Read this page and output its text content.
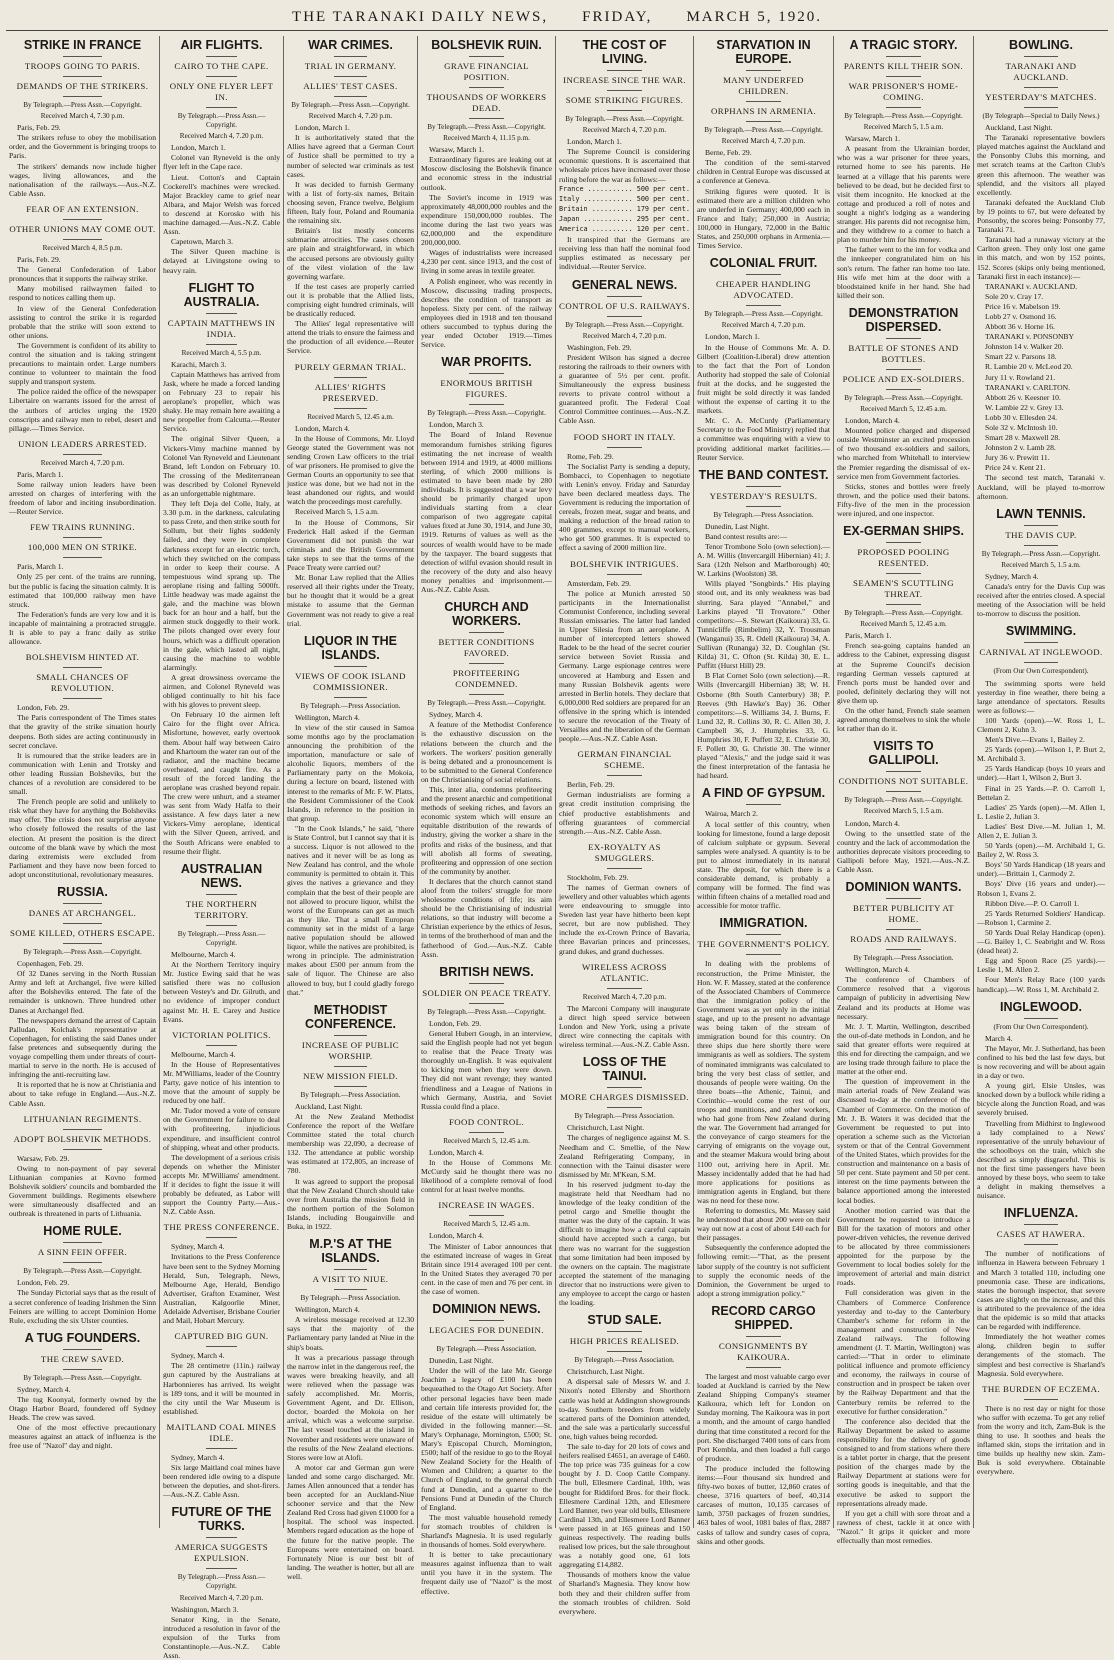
THE TARANAKI DAILY NEWS, FRIDAY, MARCH 5, 1920.
STRIKE IN FRANCE
TROOPS GOING TO PARIS.
DEMANDS OF THE STRIKERS.
By Telegraph.—Press Assn.—Copyright.
Received March 4, 7.30 p.m.
Paris, Feb. 29.
The strikers refuse to obey the mobilisation order, and the Government is bringing troops to Paris.
The strikers' demands now include higher wages, living allowances, and the nationalisation of the railways.—Aus.-N.Z. Cable Assn.
FEAR OF AN EXTENSION.
OTHER UNIONS MAY COME OUT.
Received March 4, 8.5 p.m.
Paris, Feb. 29.
The General Confederation of Labor pronounces that it supports the railway strike.
Many mobilised railwaymen failed to respond to notices calling them up.
In view of the General Confederation assisting to control the strike it is regarded probable that the strike will soon extend to other unions.
The Government is confident of its ability to control the situation and is taking stringent precautions to maintain order. Large numbers continue to volunteer to maintain the food supply and transport system.
The police raided the office of the newspaper Libertaire on warrants issued for the arrest of the authors of articles urging the 1920 conscripts and railway men to rebel, desert and pillage.—Times Service.
UNION LEADERS ARRESTED.
Received March 4, 7.20 p.m.
Paris, March 1.
Some railway union leaders have been arrested on charges of interfering with the freedom of labor and inciting insubordination.—Reuter Service.
FEW TRAINS RUNNING.
100,000 MEN ON STRIKE.
Paris, March 1.
Only 25 per cent. of the trains are running, but the public is facing the situation calmly. It is estimated that 100,000 railway men have struck.
The Federation's funds are very low and it is incapable of maintaining a protracted struggle. It is able to pay a franc daily as strike allowance.
BOLSHEVISM HINTED AT.
SMALL CHANCES OF REVOLUTION.
London, Feb. 29.
The Paris correspondent of The Times states that the gravity of the strike situation hourly deepens. Both sides are acting continuously in secret conclave.
It is rumoured that the strike leaders are in communication with Lenin and Trotsky and other leading Russian Bolsheviks, but the chances of a revolution are considered to be small.
The French people are solid and unlikely to risk what they have for anything the Bolsheviks may offer. The crisis does not surprise anyone who closely followed the results of the last election. At present the position is the direct outcome of the blank wave by which the most daring extremists were excluded from Parliament and they have now been forced to adopt unconstitutional, revolutionary measures.
RUSSIA.
DANES AT ARCHANGEL.
SOME KILLED, OTHERS ESCAPE.
By Telegraph.—Press Assn.—Copyright.
Copenhagen, Feb. 29.
Of 32 Danes serving in the North Russian Army and left at Archangel, five were killed after the Bolsheviks entered. The fate of the remainder is unknown. Three hundred other Danes at Archangel fled.
The newspapers demand the arrest of Captain Palludan, Kolchak's representative at Copenhagen, for enlisting the said Danes under false pretences and subsequently during the voyage compelling them under threats of court-martial to serve in the north. He is accused of infringing the anti-recruiting law.
It is reported that he is now at Christiania and about to take refuge in England.—Aus.-N.Z. Cable Assn.
LITHUANIAN REGIMENTS.
ADOPT BOLSHEVIK METHODS.
Warsaw, Feb. 29.
Owing to non-payment of pay several Lithuanian companies at Kovno formed Bolshevik soldiers' councils and bombarded the Government buildings. Regiments elsewhere were simultaneously disaffected and an outbreak is threatened in parts of Lithuania.
HOME RULE.
A SINN FEIN OFFER.
By Telegraph.—Press Assn.—Copyright.
London, Feb. 29.
The Sunday Pictorial says that as the result of a secret conference of leading Irishmen the Sinn Feiners are willing to accept Dominion Home Rule, excluding the six Ulster counties.
A TUG FOUNDERS.
THE CREW SAVED.
By Telegraph.—Press Assn.—Copyright.
Sydney, March 4.
The tug Koonyal, formerly owned by the Otago Harbor Board, foundered off Sydney Heads. The crew was saved.
One of the most effective precautionary measures against an attack of influenza is the free use of "Nazol" day and night.
AIR FLIGHTS.
CAIRO TO THE CAPE.
ONLY ONE FLYER LEFT IN.
By Telegraph.—Press Assn.—Copyright.
Received March 4, 7.20 p.m.
London, March 1.
Colonel van Ryneveld is the only flyer left in the Cape race.
Lieut. Cotton's and Captain Cockerell's machines were wrecked. Major Brackley came to grief near Albara, and Major Welsh was forced to descend at Korosko with his machine damaged.—Aus.-N.Z. Cable Assn.
Capetown, March 3.
The Silver Queen machine is delayed at Livingstone owing to heavy rain.
FLIGHT TO AUSTRALIA.
CAPTAIN MATTHEWS IN INDIA.
Received March 4, 5.5 p.m.
Karachi, March 3.
Captain Matthews has arrived from Jask, where he made a forced landing on February 23 to repair his aeroplane's propeller, which was shaky. He may remain here awaiting a new propeller from Calcutta.—Reuter Service.
The original Silver Queen, a Vickers-Vimy machine manned by Colonel Van Ryneveld and Lieutenant Brand, left London on February 10. The crossing of the Mediterranean was described by Colonel Ryneveld as an unforgettable nightmare.
They left Deja del Colle, Italy, at 3.30 p.m. in the darkness, calculating to pass Crete, and then strike south for Sollum, but their lights suddenly failed, and they were in complete darkness except for an electric torch, which they switched on the compass in order to keep their course. A tempestuous wind sprang up. The aeroplane rising and falling 5000ft. Little headway was made against the gale, and the machine was blown back for an hour and a half, but the airmen stuck doggedly to their work. The pilots changed over every four hours, which was a difficult operation in the gale, which lasted all night, causing the machine to wobble alarmingly.
A great drowsiness overcame the airmen, and Colonel Ryneveld was obliged continually to hit his face with his gloves to prevent sleep.
On February 10 the airmen left Cairo for the flight over Africa. Misfortune, however, early overtook them. About half way between Cairo and Khartoum the water ran out of the radiator, and the machine became overheated, and caught fire. As a result of the forced landing the aeroplane was crashed beyond repair. The crew were unhurt, and a steamer was sent from Wady Halfa to their assistance. A few days later a new Vickers-Vimy aeroplane, identical with the Silver Queen, arrived, and the South Africans were enabled to resume their flight.
AUSTRALIAN NEWS.
THE NORTHERN TERRITORY.
By Telegraph.—Press Assn.—Copyright.
Melbourne, March 4.
At the Northern Territory inquiry Mr. Justice Ewing said that he was satisfied there was no collusion between Vestey's and Dr. Gilruth, and no evidence of improper conduct against Mr. H. E. Carey and Justice Evans.
VICTORIAN POLITICS.
Melbourne, March 4.
In the House of Representatives Mr. M'Williams, leader of the Country Party, gave notice of his intention to move that the amount of supply be reduced by one half.
Mr. Tudor moved a vote of censure on the Government for failure to deal with profiteering, injudicious expenditure, and insufficient control of shipping, wheat and other products.
The development of a serious crisis depends on whether the Minister accepts Mr. M'Williams' amendment. If it decides to fight the issue it will probably be defeated, as Labor will support the Country Party.—Aus.-N.Z. Cable Assn.
THE PRESS CONFERENCE.
Sydney, March 4.
Invitations to the Press Conference have been sent to the Sydney Morning Herald, Sun, Telegraph, News, Melbourne Age, Herald, Bendigo Advertiser, Grafton Examiner, West Australian, Kalgoorlie Miner, Adelaide Advertiser, Brisbane Courier and Mail, Hobart Mercury.
CAPTURED BIG GUN.
Sydney, March 4.
The 28 centimetre (11in.) railway gun captured by the Australians at Harbonnieres has arrived. Its weight is 189 tons, and it will be mounted in the city until the War Museum is established.
MAITLAND COAL MINES IDLE.
Sydney, March 4.
Six large Maitland coal mines have been rendered idle owing to a dispute between the deputies, and shot-firers.—Aus.-N.Z. Cable Assn.
FUTURE OF THE TURKS.
AMERICA SUGGESTS EXPULSION.
By Telegraph.—Press Assn.—Copyright.
Received March 4, 7.20 p.m.
Washington, March 3.
Senator King, in the Senate, introduced a resolution in favor of the expulsion of the Turks from Constantinople.—Aus.-N.Z. Cable Assn.
WAR CRIMES.
TRIAL IN GERMANY.
ALLIES' TEST CASES.
By Telegraph.—Press Assn.—Copyright.
Received March 4, 7.20 p.m.
London, March 1.
It is authoritatively stated that the Allies have agreed that a German Court of Justice shall be permitted to try a number of selected war criminals as test cases.
It was decided to furnish Germany with a list of forty-six names, Britain choosing seven, France twelve, Belgium fifteen, Italy four, Poland and Roumania the remaining six.
Britain's list mostly concerns submarine atrocities. The cases chosen are plain and straightforward, in which the accused persons are obviously guilty of the vilest violation of the law governing warfare.
If the test cases are properly carried out it is probable that the Allied lists, comprising eight hundred criminals, will be drastically reduced.
The Allies' legal representative will attend the trials to ensure the fairness and the production of all evidence.—Reuter Service.
PURELY GERMAN TRIAL.
ALLIES' RIGHTS PRESERVED.
Received March 5, 12.45 a.m.
London, March 4.
In the House of Commons, Mr. Lloyd George stated the Government was not sending Crown Law officers to the trial of war prisoners. He promised to give the German Courts an opportunity to see that justice was done, but we had not in the least abandoned our rights, and would watch the proceedings most carefully.
Received March 5, 1.5 a.m.
In the House of Commons, Sir Frederick Hall asked if the German Government did not punish the war criminals and the British Government take steps to see that the terms of the Peace Treaty were carried out?
Mr. Bonar Law replied that the Allies reserved all their rights under the Treaty, but he thought that it would be a great mistake to assume that the German Government was not ready to give a real trial.
LIQUOR IN THE ISLANDS.
VIEWS OF COOK ISLAND COMMISSIONER.
By Telegraph.—Press Association.
Wellington, March 4.
In view of the stir caused in Samoa some months ago by the proclamation announcing the prohibition of the importation, manufacture or sale of alcoholic liquors, members of the Parliamentary party on the Mokoia, during a lecture on board, listened with interest to the remarks of Mr. F. W. Platts, the Resident Commissioner of the Cook Islands, in reference to the position in that group.
"In the Cook Islands," he said, "there is State Control, but I cannot say that it is a success. Liquor is not allowed to the natives and it never will be as long as New Zealand has control, and the whole community is permitted to obtain it. This gives the natives a grievance and they complain that the best of their people are not allowed to procure liquor, whilst the worst of the Europeans can get as much as they like. That a small European community set in the midst of a large native population should be allowed liquor, while the natives are prohibited, is wrong in principle. The administration makes about £500 per annum from the sale of liquor. The Chinese are also allowed to buy, but I could gladly forego that."
METHODIST CONFERENCE.
INCREASE OF PUBLIC WORSHIP.
NEW MISSION FIELD.
By Telegraph.—Press Association.
Auckland, Last Night.
At the New Zealand Methodist Conference the report of the Welfare Committee stated the total church membership was 22,090, a decrease of 132. The attendance at public worship was estimated at 172,805, an increase of 780.
It was agreed to support the proposal that the New Zealand Church should take over from Australia the mission field in the northern portion of the Solomon Islands, including Bougainville and Buka, in 1922.
M.P.'S AT THE ISLANDS.
A VISIT TO NIUE.
By Telegraph.—Press Association.
Wellington, March 4.
A wireless message received at 12.30 says that the majority of the Parliamentary party landed at Niue in the ship's boats.
It was a precarious passage through the narrow inlet in the dangerous reef, the waves were breaking heavily, and all were relieved when the passage was safely accomplished. Mr. Morris, Government Agent, and Dr. Ellison, doctor, boarded the Mokoia on her arrival, which was a welcome surprise. The last vessel touched at the island in November and residents were unaware of the results of the New Zealand elections. Stores were low at Alofi.
A motor car and German gun were landed and some cargo discharged. Mr. James Allen announced that a tender has been accepted for an Auckland-Niue schooner service and that the New Zealand Red Cross had given £1000 for a hospital. The school was inspected. Members regard education as the hope of the future for the native people. The Europeans were entertained on board. Fortunately Niue is our best bit of landing. The weather is hotter, but all are well.
BOLSHEVIK RUIN.
GRAVE FINANCIAL POSITION.
THOUSANDS OF WORKERS DEAD.
By Telegraph.—Press Assn.—Copyright.
Received March 4, 11.15 p.m.
Warsaw, March 1.
Extraordinary figures are leaking out at Moscow disclosing the Bolshevik finance and economic stress in the industrial outlook.
The Soviet's income in 1919 was approximately 48,000,000 roubles and the expenditure 150,000,000 roubles. The income during the last two years was 62,000,000 and the expenditure 200,000,000.
Wages of industrialists were increased 4,230 per cent. since 1913, and the cost of living in some areas in textile greater.
A Polish engineer, who was recently in Moscow, discussing trading prospects, describes the condition of transport as hopeless. Sixty per cent. of the railway employees died in 1918 and ten thousand others succumbed to typhus during the year ended October 1919.—Times Service.
WAR PROFITS.
ENORMOUS BRITISH FIGURES.
By Telegraph.—Press Assn.—Copyright.
London, March 3.
The Board of Inland Revenue memorandum furnishes striking figures estimating the net increase of wealth between 1914 and 1919, at 4000 millions sterling, of which 2000 millions is estimated to have been made by 280 individuals. It is suggested that a war levy should be primarily charged upon individuals starting from a clear comparison of two aggregate capital values fixed at June 30, 1914, and June 30, 1919. Returns of values as well as the sources of wealth would have to be made by the taxpayer. The board suggests that detection of wilful evasion should result in the recovery of the duty and also heavy money penalties and imprisonment.—Aus.-N.Z. Cable Assn.
CHURCH AND WORKERS.
BETTER CONDITIONS FAVORED.
PROFITEERING CONDEMNED.
By Telegraph.—Press Assn.—Copyright.
Sydney, March 4.
A feature of the Methodist Conference is the exhaustive discussion on the relations between the church and the workers. The workers' position generally is being debated and a pronouncement is to be submitted to the General Conference on the Christianising of social relations.
This, inter alia, condemns profiteering and the present anarchic and competitional methods of seeking riches, and favors an economic system which will ensure an equitable distribution of the rewards of industry, giving the worker a share in the profits and risks of the business, and that will abolish all forms of sweating, profiteering and oppression of one section of the community by another.
It declares that the church cannot stand aloof from the toilers' struggle for more wholesome conditions of life; its aim should be the Christianising of industrial relations, so that industry will become a Christian experience by the ethics of Jesus, in terms of the brotherhood of man and the fatherhood of God.—Aus.-N.Z. Cable Assn.
BRITISH NEWS.
SOLDIER ON PEACE TREATY.
By Telegraph.—Press Assn.—Copyright.
London, Feb. 29.
General Hubert Gough, in an interview, said the English people had not yet begun to realise that the Peace Treaty was thoroughly un-English. It was equivalent to kicking men when they were down. They did not want revenge; they wanted friendliness and a League of Nations in which Germany, Austria, and Soviet Russia could find a place.
FOOD CONTROL.
Received March 5, 12.45 a.m.
London, March 4.
In the House of Commons Mr. McCurdy said he thought there was no likelihood of a complete removal of food control for at least twelve months.
INCREASE IN WAGES.
Received March 5, 12.45 a.m.
London, March 4.
The Minister of Labor announces that the estimated increase of wages in Great Britain since 1914 averaged 100 per cent. In the United States they averaged 70 per cent. in the case of men and 76 per cent. in the case of women.
DOMINION NEWS.
LEGACIES FOR DUNEDIN.
By Telegraph.—Press Association.
Dunedin, Last Night.
Under the will of the late Mr. George Joachim a legacy of £100 has been bequeathed to the Otago Art Society. After other personal legacies have been made and certain life interests provided for, the residue of the estate will ultimately be divided in the following manner:—St. Mary's Orphanage, Mornington, £500; St. Mary's Episcopal Church, Mornington, £500; half of the residue to go to the Royal New Zealand Society for the Health of Women and Children; a quarter to the Church of England, to the general church fund at Dunedin, and a quarter to the Pensions Fund at Dunedin of the Church of England.
The most valuable household remedy for stomach troubles of children is Sharland's Magnesia. It is used regularly in thousands of homes. Sold everywhere.
It is better to take precautionary measures against influenza than to wait until you have it in the system. The frequent daily use of "Nazol" is the most effective.
THE COST OF LIVING.
INCREASE SINCE THE WAR.
SOME STRIKING FIGURES.
By Telegraph.—Press Assn.—Copyright.
Received March 4, 7.20 p.m.
London, March 1.
The Supreme Council is considering economic questions. It is ascertained that wholesale prices have increased over those ruling before the war as follows:—
France ........... 500 per cent.
Italy ............ 500 per cent.
Britain .......... 179 per cent.
Japan ............ 295 per cent.
America .......... 120 per cent.
It transpired that the Germans are receiving less than half the nominal food supplies estimated as necessary per individual.—Reuter Service.
GENERAL NEWS.
CONTROL OF U.S. RAILWAYS.
By Telegraph.—Press Assn.—Copyright.
Received March 4, 7.20 p.m.
Washington, Feb. 29.
President Wilson has signed a decree restoring the railroads to their owners with a guarantee of 5½ per cent. profit. Simultaneously the express business reverts to private control without a guaranteed profit. The Federal Coal Control Committee continues.—Aus.-N.Z. Cable Assn.
FOOD SHORT IN ITALY.
Rome, Feb. 29.
The Socialist Party is sending a deputy, Bombacci, to Copenhagen to negotiate with Lenin's envoy. Friday and Saturday have been declared meatless days. The Government is reducing the importation of cereals, frozen meat, sugar and beans, and making a reduction of the bread ration to 400 grammes, except to manual workers, who get 500 grammes. It is expected to effect a saving of 2000 million lire.
BOLSHEVIK INTRIGUES.
Amsterdam, Feb. 29.
The police at Munich arrested 50 participants in the Internationalist Communist Conference, including several Russian emissaries. The latter had landed in Upper Silesia from an aeroplane. A number of intercepted letters showed Radek to be the head of the secret courier service between Soviet Russia and Germany. Large espionage centres were uncovered at Hamburg and Essen and many Russian Bolshevik agents were arrested in Berlin hotels. They declare that 6,000,000 Red soldiers are prepared for an offensive in the spring which is intended to secure the revocation of the Treaty of Versailles and the liberation of the German people.—Aus.-N.Z. Cable Assn.
GERMAN FINANCIAL SCHEME.
Berlin, Feb. 29.
German industrialists are forming a great credit institution comprising the chief productive establishments and offering guarantees of commercial strength.—Aus.-N.Z. Cable Assn.
EX-ROYALTY AS SMUGGLERS.
Stockholm, Feb. 29.
The names of German owners of jewellery and other valuables which agents were endeavouring to smuggle into Sweden last year have hitherto been kept secret, but are now published. They include the ex-Crown Prince of Bavaria, three Bavarian princes and princesses, grand dukes, and grand duchesses.
WIRELESS ACROSS ATLANTIC.
Received March 4, 7.20 p.m.
The Marconi Company will inaugurate a direct high speed service between London and New York, using a private direct wire connecting the capitals with wireless terminal.—Aus.-N.Z. Cable Assn.
LOSS OF THE TAINUI.
MORE CHARGES DISMISSED.
By Telegraph.—Press Association.
Christchurch, Last Night.
The charges of negligence against M. S. Needham and C. Smellie, of the New Zealand Refrigerating Company, in connection with the Tainui disaster were dismissed by Mr. M'Kean, S.M.
In his reserved judgment to-day the magistrate held that Needham had no knowledge of the leaky condition of the petrol cargo and Smellie thought the matter was the duty of the captain. It was difficult to imagine how a careful captain should have accepted such a cargo, but there was no warrant for the suggestion that some limitation had been imposed by the owners on the captain. The magistrate accepted the statement of the managing director that no instructions were given to any employee to accept the cargo or hasten the loading.
STUD SALE.
HIGH PRICES REALISED.
By Telegraph.—Press Association.
Christchurch, Last Night.
A dispersal sale of Messrs W. and J. Nixon's noted Ellersby and Shorthorn cattle was held at Addington showgrounds to-day. Southern breeders from widely scattered parts of the Dominion attended, and the sale was a particularly successful one, high values being recorded.
The sale to-day for 20 lots of cows and heifers realised £4651, an average of £460. The top price was 735 guineas for a cow bought by J. D. Coop Cattle Company. The bull, Ellesmere Cardinal, 10th, was bought for Riddiford Bros. for their flock. Ellesmere Cardinal 12th, and Ellesmere Lord Banner, two year old bulls, Ellesmere Cardinal 13th, and Ellesmere Lord Banner were passed in at 165 guineas and 150 guineas respectively. The reading bulls realised low prices, but the sale throughout was a notably good one, 61 lots aggregating £14,882.
Thousands of mothers know the value of Sharland's Magnesia. They know how both they and their children suffer from the stomach troubles of children. Sold everywhere.
STARVATION IN EUROPE.
MANY UNDERFED CHILDREN.
ORPHANS IN ARMENIA.
By Telegraph.—Press Assn.—Copyright.
Received March 4, 7.20 p.m.
Berne, Feb. 29.
The condition of the semi-starved children in Central Europe was discussed at a conference at Geneva.
Striking figures were quoted. It is estimated there are a million children who are underfed in Germany; 400,000 each in France and Italy; 250,000 in Austria; 100,000 in Hungary, 72,000 in the Baltic States, and 250,000 orphans in Armenia.—Times Service.
COLONIAL FRUIT.
CHEAPER HANDLING ADVOCATED.
By Telegraph.—Press Assn.—Copyright.
Received March 4, 7.20 p.m.
London, March 1.
In the House of Commons Mr. A. D. Gilbert (Coalition-Liberal) drew attention to the fact that the Port of London Authority had stopped the sale of Colonial fruit at the docks, and he suggested the fruit might be sold directly it was landed without the expense of carting it to the markets.
Mr. C. A. McCurdy (Parliamentary Secretary to the Food Ministry) replied that a committee was enquiring with a view to providing additional market facilities.—Reuter Service.
THE BAND CONTEST.
YESTERDAY'S RESULTS.
By Telegraph.—Press Association.
Dunedin, Last Night.
Band contest results are:—
Tenor Trombone Solo (own selection).—A. M. Willis (Invercargill Hibernian) 41; J. Sara (12th Nelson and Marlborough) 40; W. Larkins (Woolston) 38.
Wills played "Songbirds." His playing stood out, and its only weakness was bad slurring. Sara played "Annabel," and Larkins played "Il Trovatore." Other competitors:—S. Stewart (Kaikoura) 33, G. Tunnicliffe (Rimbelim) 32, Y. Trousman (Wanganui) 35, R. Odell (Kaikoura) 34, A. Sullivan (Runanga) 32, D. Coughlan (St. Kilda) 31, C. Ofton (St. Kilda) 30, E. L. Puffitt (Hurst Hill) 29.
B Flat Cornet Solo (own selection).—R. Wills (Invercargill Hibernian) 38; W. H. Osborne (8th South Canterbury) 38; P. Reeves (9th Hawke's Bay) 36. Other competitors:—S. Williams 34, J. Burns, F. Lund 32, R. Collins 30, R. C. Allen 30, J. Campbell 36, J. Humphries 33, G. Humphries 30, F. Puffett 32, E. Christie 30, F. Pollett 30, G. Christie 30. The winner played "Alexis," and the judge said it was the finest interpretation of the fantasia he had heard.
A FIND OF GYPSUM.
Wairoa, March 2.
A local settler of this country, when looking for limestone, found a large deposit of calcium sulphate or gypsum. Several samples were analysed. A quantity is to be put to almost immediately in its natural state. The deposit, for which there is a considerable demand, is probably a company will be formed. The find was within fifteen chains of a metalled road and accessible for motor traffic.
IMMIGRATION.
THE GOVERNMENT'S POLICY.
In dealing with the problems of reconstruction, the Prime Minister, the Hon. W. F. Massey, stated at the conference of the Associated Chambers of Commerce that the immigration policy of the Government was as yet only in the initial stage, and up to the present no advantage was being taken of the stream of immigration bound for this country. On three ships due here shortly there were immigrants as well as soldiers. The system of nominated immigrants was calculated to bring the very best class of settler, and thousands of people were waiting. On the three boats—the Athenic, Tainui, and Corinthic—would come the rest of our troops and munitions, and other workers, who had gone from New Zealand during the war. The Government had arranged for the conveyance of cargo steamers for the carrying of emigrants on the voyage out, and the steamer Makura would bring about 1100 out, arriving here in April. Mr. Massey incidentally added that he had had more applications for positions as immigration agents in England, but there was no need for these now.
Referring to domestics, Mr. Massey said he understood that about 200 were on their way out now at a cost of about £40 each for their passages.
Subsequently the conference adopted the following remit:—"That, as the present labor supply of the country is not sufficient to supply the economic needs of the Dominion, the Government be urged to adopt a strong immigration policy."
RECORD CARGO SHIPPED.
CONSIGNMENTS BY KAIKOURA.
The largest and most valuable cargo ever loaded at Auckland is carried by the New Zealand Shipping Company's steamer Kaikoura, which left for London on Sunday morning. The Kaikoura was in port a month, and the amount of cargo handled during that time constituted a record for the port. She discharged 7400 tons of cars from Port Kembla, and then loaded a full cargo of produce.
The produce included the following items:—Four thousand six hundred and fifty-two boxes of butter, 12,860 crates of cheese, 3716 quarters of beef, 40,314 carcases of mutton, 10,135 carcases of lamb, 3750 packages of frozen sundries, 463 bales of wool, 1081 bales of flax, 2887 casks of tallow and sundry cases of copra, skins and other goods.
A TRAGIC STORY.
PARENTS KILL THEIR SON.
WAR PRISONER'S HOME-COMING.
By Telegraph.—Press Assn.—Copyright.
Received March 5, 1.5 a.m.
Warsaw, March 1.
A peasant from the Ukrainian border, who was a war prisoner for three years, returned home to see his parents. He learned at a village that his parents were believed to be dead, but he decided first to visit them incognito. He knocked at the cottage and produced a roll of notes and sought a night's lodging as a wandering stranger. His parents did not recognise him, and they withdrew to a corner to hatch a plan to murder him for his money.
The father went to the inn for vodka and the innkeeper congratulated him on his son's return. The father ran home too late. His wife met him at the door with a bloodstained knife in her hand. She had killed their son.
DEMONSTRATION DISPERSED.
BATTLE OF STONES AND BOTTLES.
POLICE AND EX-SOLDIERS.
By Telegraph.—Press Assn.—Copyright.
Received March 5, 12.45 a.m.
London, March 4.
Mounted police charged and dispersed outside Westminster an excited procession of two thousand ex-soldiers and sailors, who marched from Whitehall to interview the Premier regarding the dismissal of ex-service men from Government factories.
Sticks, stones and bottles were freely thrown, and the police used their batons. Fifty-five of the men in the procession were injured, and one inspector.
EX-GERMAN SHIPS.
PROPOSED POOLING RESENTED.
SEAMEN'S SCUTTLING THREAT.
By Telegraph.—Press Assn.—Copyright.
Received March 5, 12.45 a.m.
Paris, March 1.
French sea-going captains handed an address to the Cabinet, expressing disgust at the Supreme Council's decision regarding German vessels captured at French ports must be handed over and pooled, definitely declaring they will not give them up.
On the other hand, French stale seamen agreed among themselves to sink the whole lot rather than do it.
VISITS TO GALLIPOLI.
CONDITIONS NOT SUITABLE.
By Telegraph.—Press Assn.—Copyright.
Received March 5, 1.5 a.m.
London, March 4.
Owing to the unsettled state of the country and the lack of accommodation the authorities deprecate visitors proceeding to Gallipoli before May, 1921.—Aus.-N.Z. Cable Assn.
DOMINION WANTS.
BETTER PUBLICITY AT HOME.
ROADS AND RAILWAYS.
By Telegraph.—Press Association.
Wellington, March 4.
The conference of Chambers of Commerce resolved that a vigorous campaign of publicity in advertising New Zealand and its products at Home was necessary.
Mr. J. T. Martin, Wellington, described the out-of-date methods in London, and he said that greater efforts were required at this end for directing the campaign, and we are losing trade through failure to place the matter at the other end.
The question of improvement in the main arterial roads of New Zealand was discussed to-day at the conference of the Chamber of Commerce. On the motion of Mr. J. B. Waters it was decided that the Government be requested to put into operation a scheme such as the Victorian system or that of the Central Government of the United States, which provides for the construction and maintenance on a basis of 50 per cent. State payment and 50 per cent. interest on the time payments between the balance apportioned among the interested local bodies.
Another motion carried was that the Government be requested to introduce a Bill for the taxation of motors and other power-driven vehicles, the revenue derived to be allocated by three commissioners appointed for the purpose by the Government to local bodies solely for the improvement of arterial and main district roads.
Full consideration was given in the Chambers of Commerce Conference yesterday and to-day to the Canterbury Chamber's scheme for reform in the management and construction of New Zealand railways. The following amendment (J. T. Martin, Wellington) was carried:—"That in order to eliminate political influence and promote efficiency and economy, the railways in course of construction and in prospect be taken over by the Railway Department and that the Canterbury remits be referred to the executive for further consideration."
The conference also decided that the Railway Department be asked to assume responsibility for the delivery of goods consigned to and from stations where there is a tablet porter in charge, that the present position of the charges made by the Railway Department at stations were for sorting goods is inequitable, and that the executive be asked to support the representations already made.
If you get a chill with sore throat and a rawness of chest, tackle it at once with "Nazol." It grips it quicker and more effectually than most remedies.
BOWLING.
TARANAKI AND AUCKLAND.
YESTERDAY'S MATCHES.
(By Telegraph—Special to Daily News.)
Auckland, Last Night.
The Taranaki representative bowlers played matches against the Auckland and the Ponsonby Clubs this morning, and met scratch teams at the Carlton Club's green this afternoon. The weather was splendid, and the visitors all played excellently.
Taranaki defeated the Auckland Club by 19 points to 67, but were defeated by Ponsonby, the scores being: Ponsonby 77, Taranaki 71.
Taranaki had a runaway victory at the Carlton green. They only lost one game in this match, and won by 152 points, 152. Scores (skips only being mentioned, Taranaki first in each instance):—
TARANAKI v. AUCKLAND.
Sole 20 v. Cray 17.
Price 16 v. Mabelson 19.
Lobb 27 v. Osmond 16.
Abbott 36 v. Horne 16.
TARANAKI v. PONSONBY
Johnston 14 v. Walker 20.
Smart 22 v. Parsons 18.
R. Lambie 20 v. McLeod 20.
Jury 11 v. Rowland 21.
TARANAKI v. CARLTON.
Abbott 26 v. Keesner 10.
W. Lambie 22 v. Grey 13.
Lobb 30 v. Ellesden 24.
Sole 32 v. McIntosh 10.
Smart 28 v. Maxwell 28.
Johnston 2 v. Lamb 28.
Jury 36 v. Prewitt 11.
Price 24 v. Kent 21.
The second test match, Taranaki v. Auckland, will be played to-morrow afternoon.
LAWN TENNIS.
THE DAVIS CUP.
By Telegraph.—Press Assn.—Copyright.
Received March 5, 1.5 a.m.
Sydney, March 4.
Canada's entry for the Davis Cup was received after the entries closed. A special meeting of the Association will be held to-morrow to discuss the position.
SWIMMING.
CARNIVAL AT INGLEWOOD.
(From Our Own Correspondent).
The swimming sports were held yesterday in fine weather, there being a large attendance of spectators. Results were as follows:—
100 Yards (open).—W. Ross 1, L. Clement 2, Kuhn 3.
Men's Dive.—Evans 1, Bailey 2.
25 Yards (open).—Wilson 1, P. Burt 2, M. Archibald 3.
25 Yards Handicap (boys 10 years and under).—Hart 1, Wilson 2, Burt 3.
Final in 25 Yards.—P. O. Carroll 1, Bettelan 2.
Ladies' 25 Yards (open).—M. Allen 1, L. Leslie 2, Julian 3.
Ladies' Best Dive.—M. Julian 1, M. Allen 2, E. Julian 3.
50 Yards (open).—M. Archibald 1, G. Bailey 2, W. Ross 3.
Boys' 50 Yards Handicap (18 years and under).—Brittain 1, Carmody 2.
Boys' Dive (16 years and under).—Robson 1, Evans 2.
Ribbon Dive.—P. O. Carroll 1.
25 Yards Returned Soldiers' Handicap.—Robson 1, Carmine 2.
50 Yards Dual Relay Handicap (open).—G. Bailey 1, C. Seabright and W. Ross (dead heat) 2.
Egg and Spoon Race (25 yards).—Leslie 1, M. Allen 2.
Four Men's Relay Race (100 yards handicap).—W. Ross 1, M. Archibald 2.
INGLEWOOD.
(From Our Own Correspondent).
March 4.
The Mayor, Mr. J. Sutherland, has been confined to his bed the last few days, but is now recovering and will be about again in a day or two.
A young girl, Elsie Unsles, was knocked down by a bullock while riding a bicycle along the Junction Road, and was severely bruised.
Travelling from Midhirst to Inglewood a lady complained to a News' representative of the unruly behaviour of the schoolboys on the train, which she described as simply disgraceful. This is not the first time passengers have been annoyed by these boys, who seem to take a delight in making themselves a nuisance.
INFLUENZA.
CASES AT HAWERA.
The number of notifications of influenza in Hawera between February 1 and March 3 totalled 110, including one pneumonia case. These are indications, states the borough inspector, that severe cases are slightly on the increase, and this is attributed to the prevalence of the idea that the epidemic is so mild that attacks can be regarded with indifference.
Immediately the hot weather comes along, children begin to suffer derangements of the stomach. The simplest and best corrective is Sharland's Magnesia. Sold everywhere.
THE BURDEN OF ECZEMA.
There is no rest day or night for those who suffer with eczema. To get any relief from the worry and itch, Zam-Buk is the thing to use. It soothes and heals the inflamed skin, stops the irritation and in time builds up healthy new skin. Zam-Buk is sold everywhere. Obtainable everywhere.
